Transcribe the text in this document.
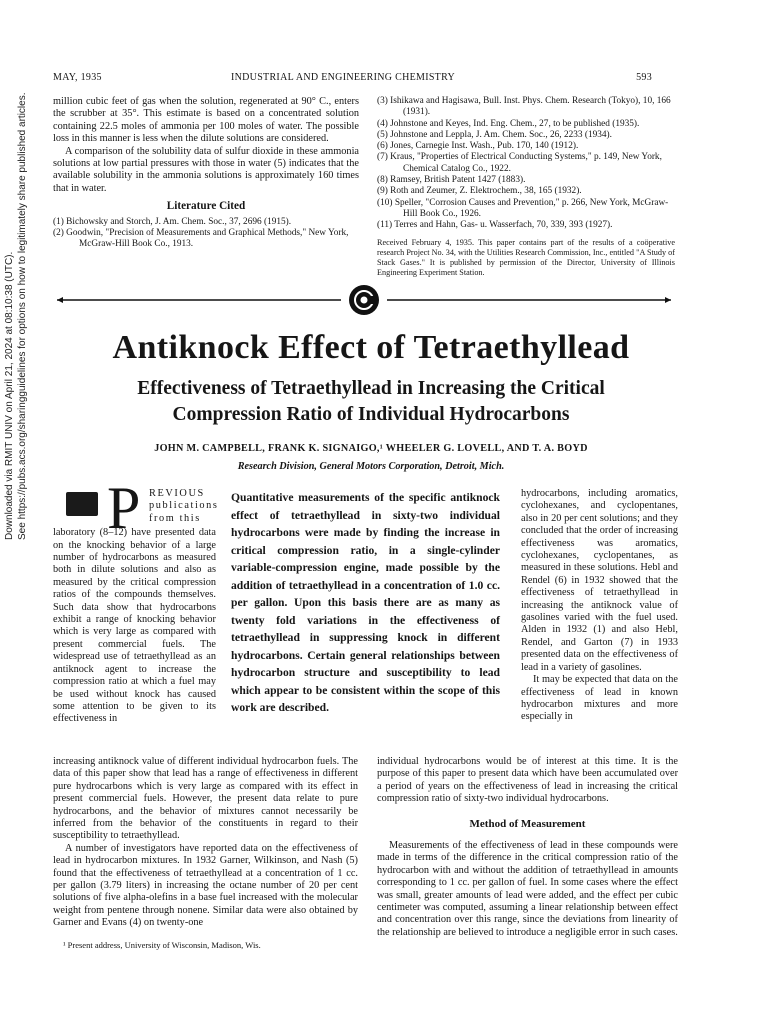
MAY, 1935	INDUSTRIAL AND ENGINEERING CHEMISTRY	593

million cubic feet of gas when the solution, regenerated at 90° C., enters the scrubber at 35°. This estimate is based on a concentrated solution containing 22.5 moles of ammonia per 100 moles of water. The possible loss in this manner is less when the dilute solutions are considered.

A comparison of the solubility data of sulfur dioxide in these ammonia solutions at low partial pressures with those in water (5) indicates that the available solubility in the ammonia solutions is approximately 160 times that in water.

Literature Cited
(1) Bichowsky and Storch, J. Am. Chem. Soc., 37, 2696 (1915).
(2) Goodwin, "Precision of Measurements and Graphical Methods," New York, McGraw-Hill Book Co., 1913.
(3) Ishikawa and Hagisawa, Bull. Inst. Phys. Chem. Research (Tokyo), 10, 166 (1931).
(4) Johnstone and Keyes, Ind. Eng. Chem., 27, to be published (1935).
(5) Johnstone and Leppla, J. Am. Chem. Soc., 26, 2233 (1934).
(6) Jones, Carnegie Inst. Wash., Pub. 170, 140 (1912).
(7) Kraus, "Properties of Electrical Conducting Systems," p. 149, New York, Chemical Catalog Co., 1922.
(8) Ramsey, British Patent 1427 (1883).
(9) Roth and Zeumer, Z. Elektrochem., 38, 165 (1932).
(10) Speller, "Corrosion Causes and Prevention," p. 266, New York, McGraw-Hill Book Co., 1926.
(11) Terres and Hahn, Gas- u. Wasserfach, 70, 339, 393 (1927).
Received February 4, 1935. This paper contains part of the results of a coöperative research Project No. 34, with the Utilities Research Commission, Inc., entitled "A Study of Stack Gases." It is published by permission of the Director, University of Illinois Engineering Experiment Station.
Antiknock Effect of Tetraethyllead
Effectiveness of Tetraethyllead in Increasing the Critical
Compression Ratio of Individual Hydrocarbons
JOHN M. CAMPBELL, FRANK K. SIGNAIGO,¹ WHEELER G. LOVELL, AND T. A. BOYD
Research Division, General Motors Corporation, Detroit, Mich.
Downloaded via RMIT UNIV on April 21, 2024 at 08:10:38 (UTC). See https://pubs.acs.org/sharingguidelines for options on how to legitimately share published articles. P REVIOUS publications from this

laboratory (8–12) have presented data on the knocking behavior of a large number of hydrocarbons as measured both in dilute solutions and also as measured by the critical compression ratios of the compounds themselves. Such data show that hydrocarbons exhibit a range of knocking behavior which is very large as compared with present commercial fuels. The widespread use of tetraethyllead as an antiknock agent to increase the compression ratio at which a fuel may be used without knock has caused some attention to be given to its effectiveness in

Quantitative measurements of the specific antiknock effect of tetraethyllead in sixty-two individual hydrocarbons were made by finding the increase in critical compression ratio, in a single-cylinder variable-compression engine, made possible by the addition of tetraethyllead in a concentration of 1.0 cc. per gallon. Upon this basis there are as many as twenty fold variations in the effectiveness of tetraethyllead in suppressing knock in different hydrocarbons. Certain general relationships between hydrocarbon structure and susceptibility to lead which appear to be consistent within the scope of this work are described.

hydrocarbons, including aromatics, cyclohexanes, and cyclopentanes, also in 20 per cent solutions; and they concluded that the order of increasing effectiveness was aromatics, cyclohexanes, cyclopentanes, as measured in these solutions. Hebl and Rendel (6) in 1932 showed that the effectiveness of tetraethyllead in increasing the antiknock value of gasolines varied with the fuel used. Alden in 1932 (1) and also Hebl, Rendel, and Garton (7) in 1933 presented data on the effectiveness of lead in a variety of gasolines.

It may be expected that data on the effectiveness of lead in known hydrocarbon mixtures and more especially in

increasing antiknock value of different individual hydrocarbon fuels. The data of this paper show that lead has a range of effectiveness in different pure hydrocarbons which is very large as compared with its effect in present commercial fuels. However, the present data relate to pure hydrocarbons, and the behavior of mixtures cannot necessarily be inferred from the behavior of the constituents in regard to their susceptibility to tetraethyllead.

A number of investigators have reported data on the effectiveness of lead in hydrocarbon mixtures. In 1932 Garner, Wilkinson, and Nash (5) found that the effectiveness of tetraethyllead at a concentration of 1 cc. per gallon (3.79 liters) in increasing the octane number of 20 per cent solutions of five alpha-olefins in a base fuel increased with the molecular weight from pentene through nonene. Similar data were also obtained by Garner and Evans (4) on twenty-one

¹ Present address, University of Wisconsin, Madison, Wis.

individual hydrocarbons would be of interest at this time. It is the purpose of this paper to present data which have been accumulated over a period of years on the effectiveness of lead in increasing the critical compression ratio of sixty-two individual hydrocarbons.

Method of Measurement

Measurements of the effectiveness of lead in these compounds were made in terms of the difference in the critical compression ratio of the hydrocarbon with and without the addition of tetraethyllead in amounts corresponding to 1 cc. per gallon of fuel. In some cases where the effect was small, greater amounts of lead were added, and the effect per cubic centimeter was computed, assuming a linear relationship between effect and concentration over this range, since the deviations from linearity of the relationship are believed to introduce a negligible error in such cases.
